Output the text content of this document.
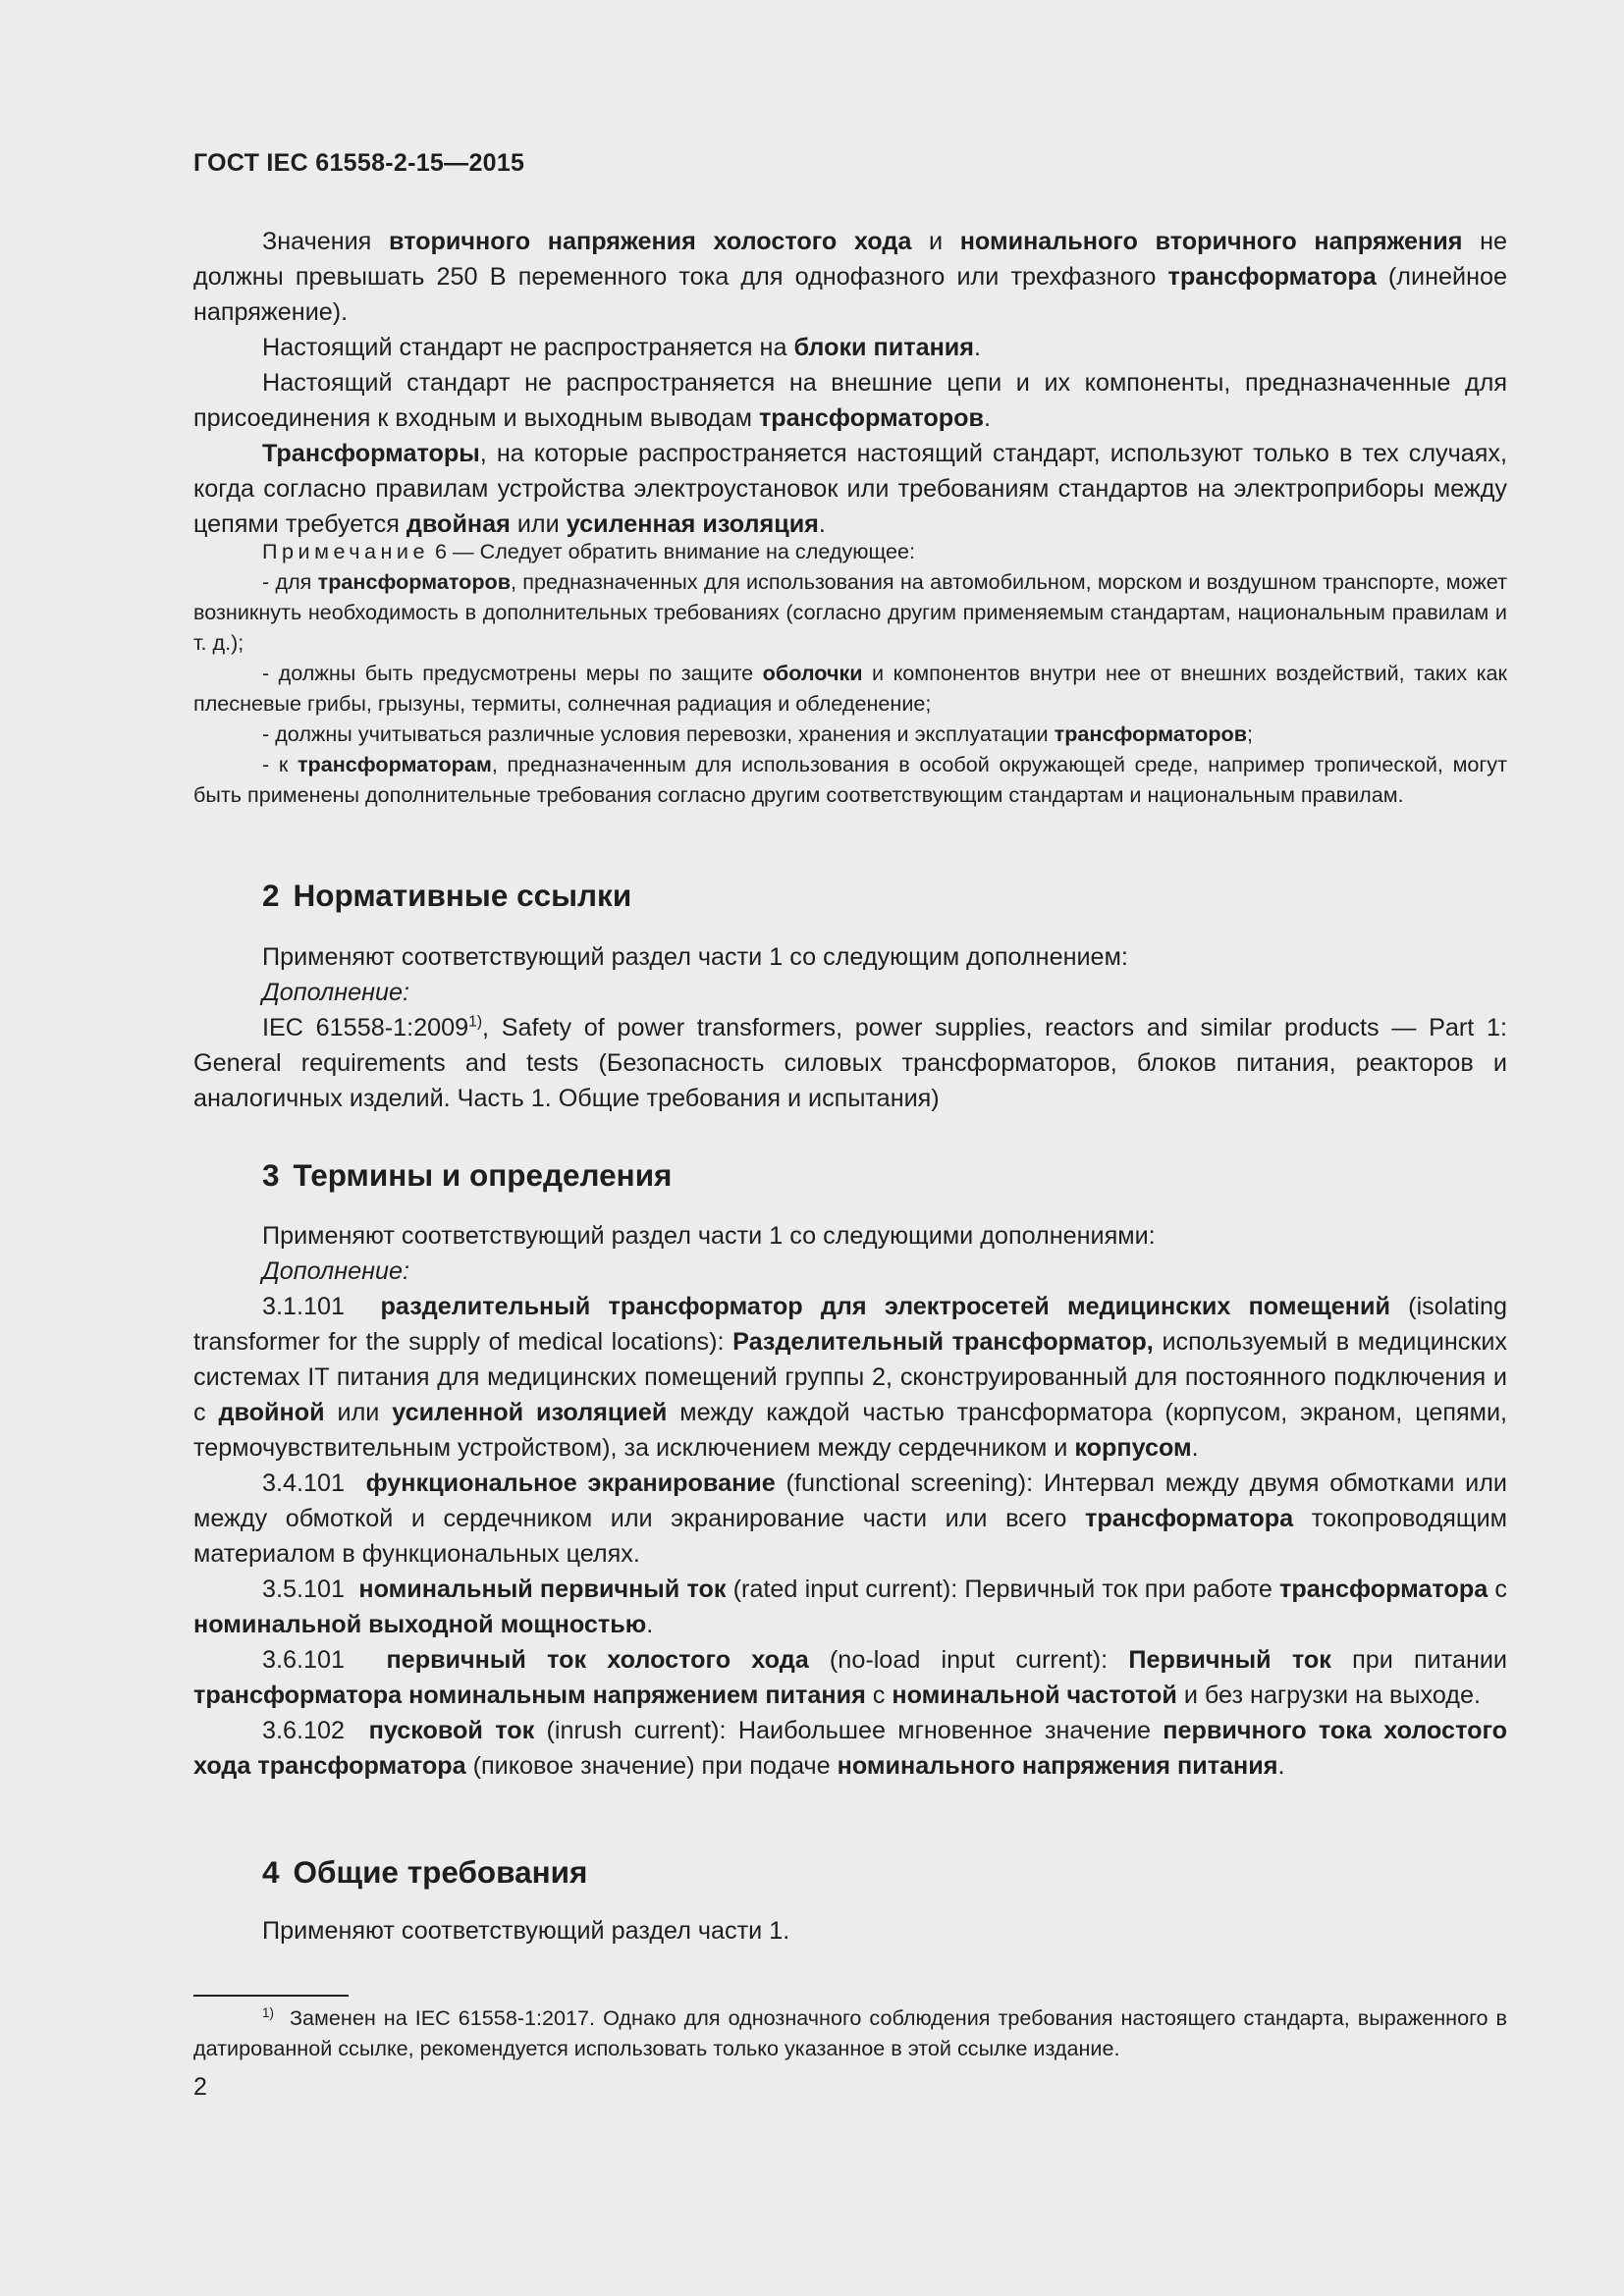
ГОСТ IEC 61558-2-15—2015

Значения вторичного напряжения холостого хода и номинального вторичного напряжения не должны превышать 250 В переменного тока для однофазного или трехфазного трансформатора (линейное напряжение).

Настоящий стандарт не распространяется на блоки питания.

Настоящий стандарт не распространяется на внешние цепи и их компоненты, предназначенные для присоединения к входным и выходным выводам трансформаторов.

Трансформаторы, на которые распространяется настоящий стандарт, используют только в тех случаях, когда согласно правилам устройства электроустановок или требованиям стандартов на электроприборы между цепями требуется двойная или усиленная изоляция.

Примечание 6 — Следует обратить внимание на следующее:

- для трансформаторов, предназначенных для использования на автомобильном, морском и воздушном транспорте, может возникнуть необходимость в дополнительных требованиях (согласно другим применяемым стандартам, национальным правилам и т. д.);

- должны быть предусмотрены меры по защите оболочки и компонентов внутри нее от внешних воздействий, таких как плесневые грибы, грызуны, термиты, солнечная радиация и обледенение;

- должны учитываться различные условия перевозки, хранения и эксплуатации трансформаторов;

- к трансформаторам, предназначенным для использования в особой окружающей среде, например тропической, могут быть применены дополнительные требования согласно другим соответствующим стандартам и национальным правилам.

2 Нормативные ссылки

Применяют соответствующий раздел части 1 со следующим дополнением:

Дополнение:

IEC 61558-1:2009$^{1)}$, Safety of power transformers, power supplies, reactors and similar products — Part 1: General requirements and tests (Безопасность силовых трансформаторов, блоков питания, реакторов и аналогичных изделий. Часть 1. Общие требования и испытания)

3 Термины и определения

Применяют соответствующий раздел части 1 со следующими дополнениями:

Дополнение:

3.1.101 разделительный трансформатор для электросетей медицинских помещений (isolating transformer for the supply of medical locations): Разделительный трансформатор, используемый в медицинских системах IT питания для медицинских помещений группы 2, сконструированный для постоянного подключения и с двойной или усиленной изоляцией между каждой частью трансформатора (корпусом, экраном, цепями, термочувствительным устройством), за исключением между сердечником и корпусом.

3.4.101 функциональное экранирование (functional screening): Интервал между двумя обмотками или между обмоткой и сердечником или экранирование части или всего трансформатора токопроводящим материалом в функциональных целях.

3.5.101 номинальный первичный ток (rated input current): Первичный ток при работе трансформатора с номинальной выходной мощностью.

3.6.101 первичный ток холостого хода (no-load input current): Первичный ток при питании трансформатора номинальным напряжением питания с номинальной частотой и без нагрузки на выходе.

3.6.102 пусковой ток (inrush current): Наибольшее мгновенное значение первичного тока холостого хода трансформатора (пиковое значение) при подаче номинального напряжения питания.

4 Общие требования

Применяют соответствующий раздел части 1.

$^{1)}$ Заменен на IEC 61558-1:2017. Однако для однозначного соблюдения требования настоящего стандарта, выраженного в датированной ссылке, рекомендуется использовать только указанное в этой ссылке издание.

2
